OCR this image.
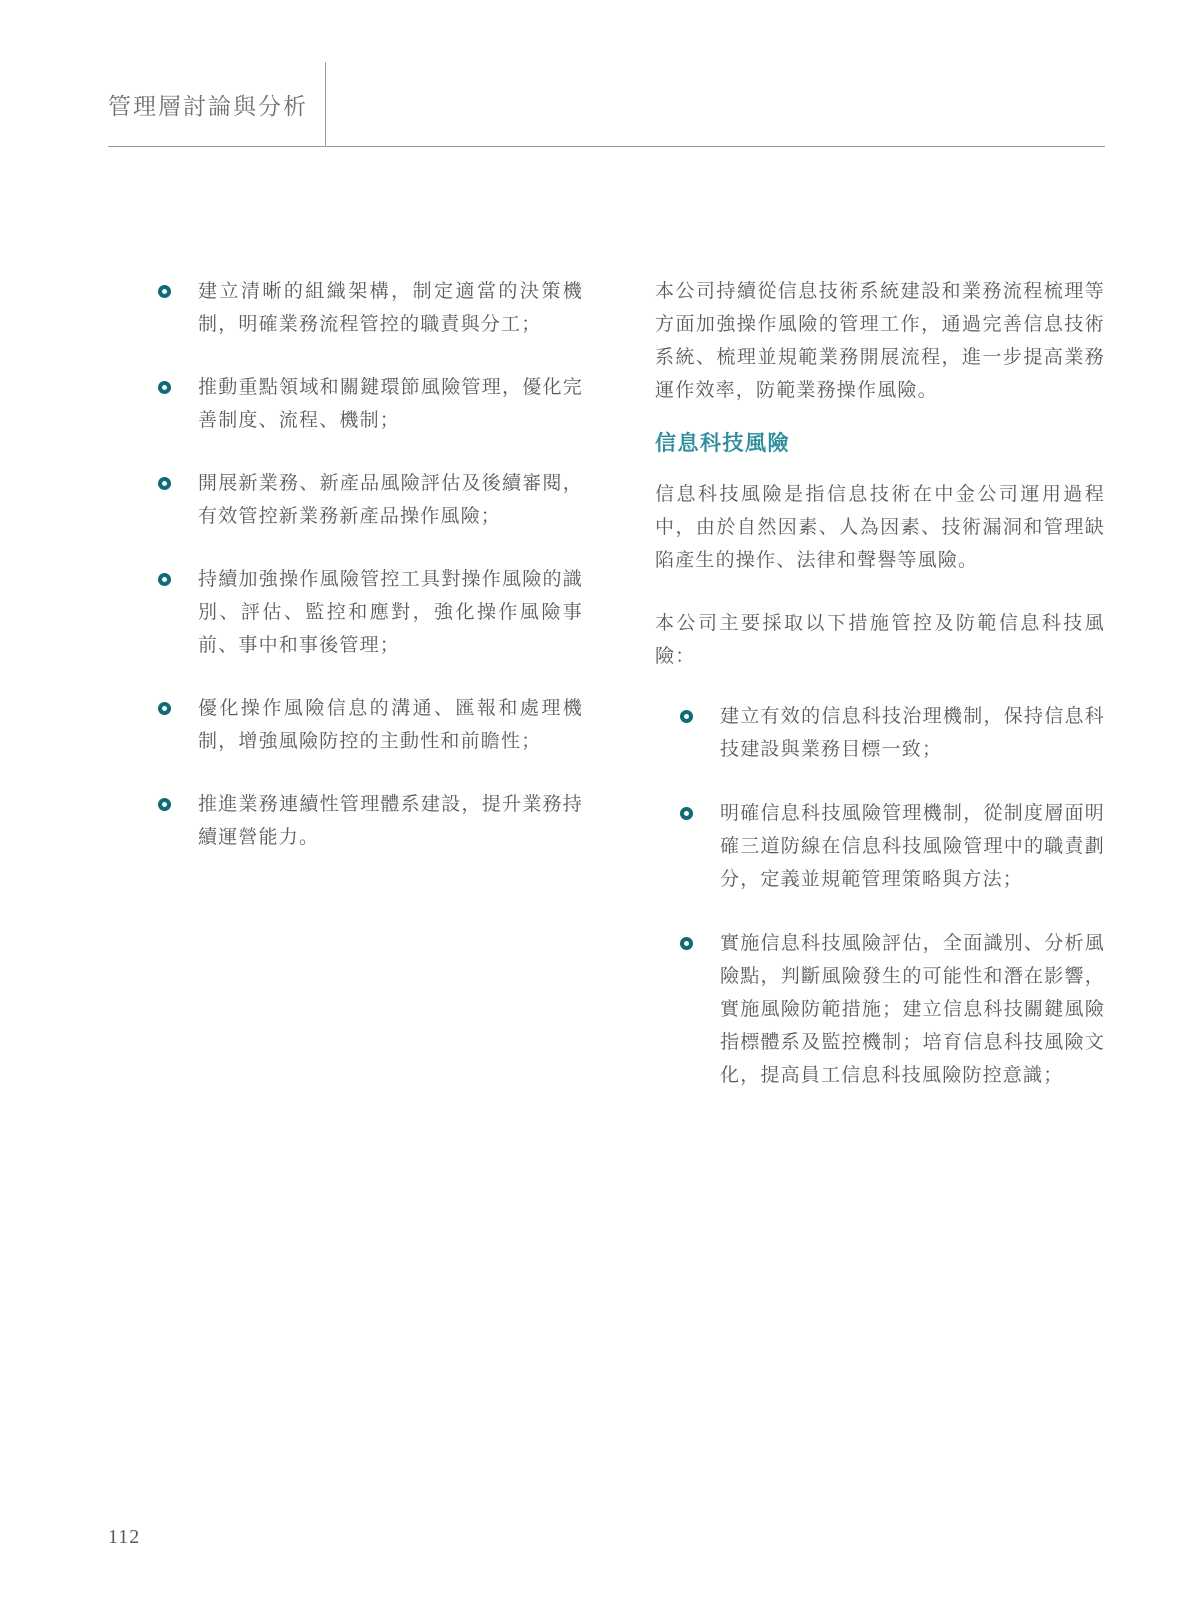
管理層討論與分析
建立清晰的組織架構，制定適當的決策機制，明確業務流程管控的職責與分工；
推動重點領域和關鍵環節風險管理，優化完善制度、流程、機制；
開展新業務、新產品風險評估及後續審閱，有效管控新業務新產品操作風險；
持續加強操作風險管控工具對操作風險的識別、評估、監控和應對，強化操作風險事前、事中和事後管理；
優化操作風險信息的溝通、匯報和處理機制，增強風險防控的主動性和前瞻性；
推進業務連續性管理體系建設，提升業務持續運營能力。

本公司持續從信息技術系統建設和業務流程梳理等方面加強操作風險的管理工作，通過完善信息技術系統、梳理並規範業務開展流程，進一步提高業務運作效率，防範業務操作風險。

信息科技風險

信息科技風險是指信息技術在中金公司運用過程中，由於自然因素、人為因素、技術漏洞和管理缺陷產生的操作、法律和聲譽等風險。

本公司主要採取以下措施管控及防範信息科技風險：

建立有效的信息科技治理機制，保持信息科技建設與業務目標一致；
明確信息科技風險管理機制，從制度層面明確三道防線在信息科技風險管理中的職責劃分，定義並規範管理策略與方法；
實施信息科技風險評估，全面識別、分析風險點，判斷風險發生的可能性和潛在影響，實施風險防範措施；建立信息科技關鍵風險指標體系及監控機制；培育信息科技風險文化，提高員工信息科技風險防控意識；
112
